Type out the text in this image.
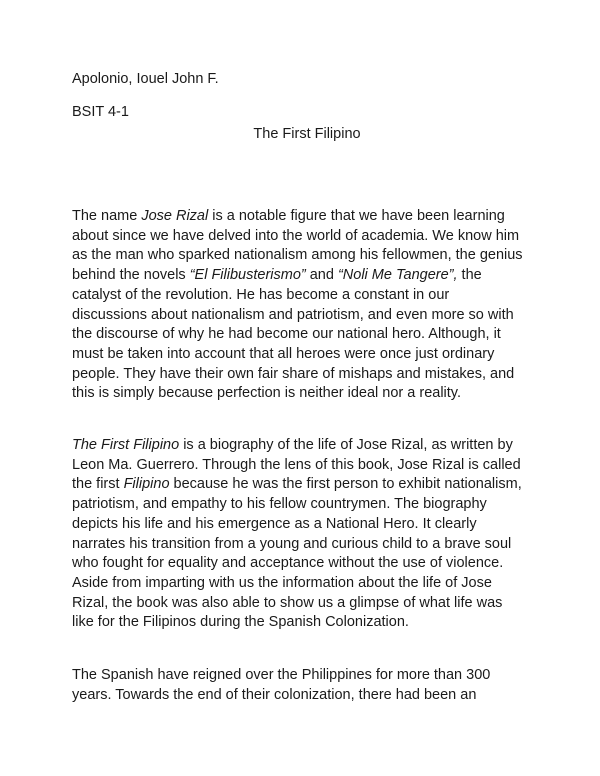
Apolonio, Iouel John F.
BSIT 4-1
The First Filipino
The name Jose Rizal is a notable figure that we have been learning
about since we have delved into the world of academia. We know him
as the man who sparked nationalism among his fellowmen, the genius
behind the novels “El Filibusterismo” and “Noli Me Tangere”, the
catalyst of the revolution. He has become a constant in our
discussions about nationalism and patriotism, and even more so with
the discourse of why he had become our national hero. Although, it
must be taken into account that all heroes were once just ordinary
people. They have their own fair share of mishaps and mistakes, and
this is simply because perfection is neither ideal nor a reality.
The First Filipino is a biography of the life of Jose Rizal, as written by
Leon Ma. Guerrero. Through the lens of this book, Jose Rizal is called
the first Filipino because he was the first person to exhibit nationalism,
patriotism, and empathy to his fellow countrymen. The biography
depicts his life and his emergence as a National Hero. It clearly
narrates his transition from a young and curious child to a brave soul
who fought for equality and acceptance without the use of violence.
Aside from imparting with us the information about the life of Jose
Rizal, the book was also able to show us a glimpse of what life was
like for the Filipinos during the Spanish Colonization.
The Spanish have reigned over the Philippines for more than 300
years. Towards the end of their colonization, there had been an
